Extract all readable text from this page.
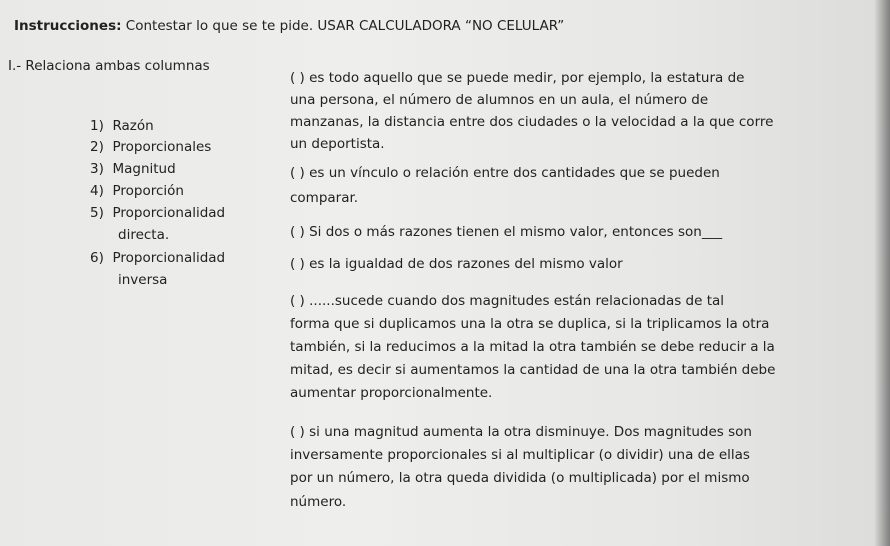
Instrucciones: Contestar lo que se te pide. USAR CALCULADORA “NO CELULAR”
I.- Relaciona ambas columnas
1) Razón
2) Proporcionales
3) Magnitud
4) Proporción
5) Proporcionalidad
directa.
6) Proporcionalidad
inversa
( ) es todo aquello que se puede medir, por ejemplo, la estatura de
una persona, el número de alumnos en un aula, el número de
manzanas, la distancia entre dos ciudades o la velocidad a la que corre
un deportista.
( ) es un vínculo o relación entre dos cantidades que se pueden
comparar.
( ) Si dos o más razones tienen el mismo valor, entonces son___
( ) es la igualdad de dos razones del mismo valor
( ) ......sucede cuando dos magnitudes están relacionadas de tal
forma que si duplicamos una la otra se duplica, si la triplicamos la otra
también, si la reducimos a la mitad la otra también se debe reducir a la
mitad, es decir si aumentamos la cantidad de una la otra también debe
aumentar proporcionalmente.
( ) si una magnitud aumenta la otra disminuye. Dos magnitudes son
inversamente proporcionales si al multiplicar (o dividir) una de ellas
por un número, la otra queda dividida (o multiplicada) por el mismo
número.
